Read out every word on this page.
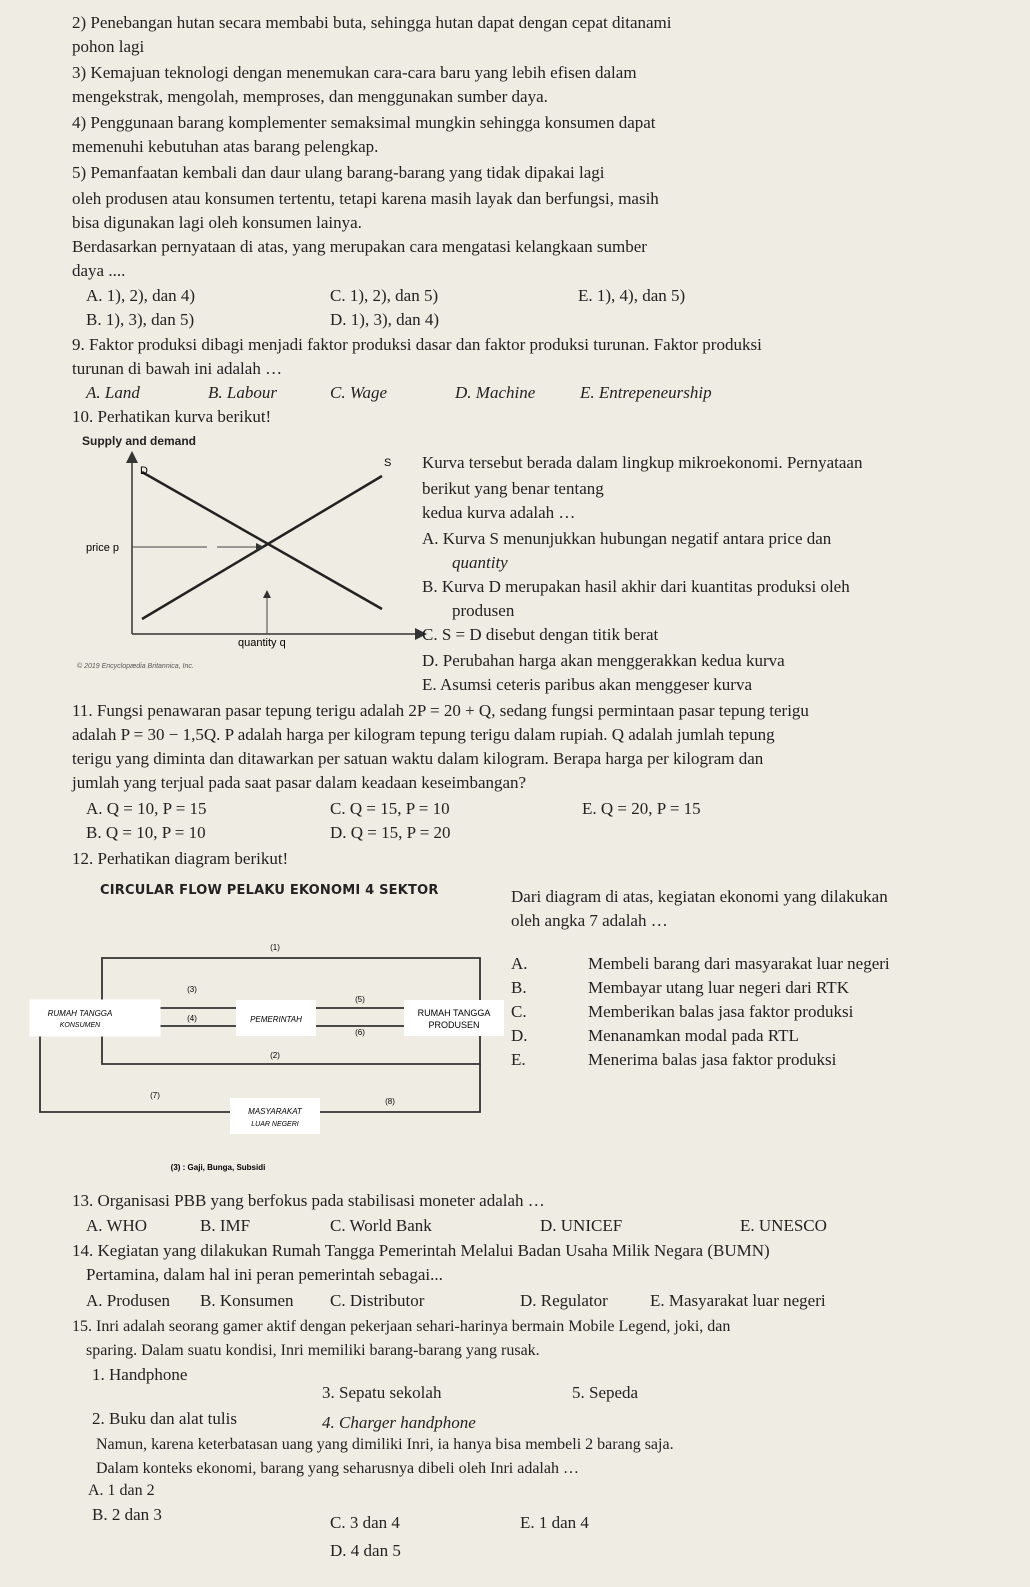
2) Penebangan hutan secara membabi buta, sehingga hutan dapat dengan cepat ditanami
pohon lagi
3) Kemajuan teknologi dengan menemukan cara-cara baru yang lebih efisen dalam
mengekstrak, mengolah, memproses, dan menggunakan sumber daya.
4) Penggunaan barang komplementer semaksimal mungkin sehingga konsumen dapat
memenuhi kebutuhan atas barang pelengkap.
5) Pemanfaatan kembali dan daur ulang barang-barang yang tidak dipakai lagi
oleh produsen atau konsumen tertentu, tetapi karena masih layak dan berfungsi, masih
bisa digunakan lagi oleh konsumen lainya.
Berdasarkan pernyataan di atas, yang merupakan cara mengatasi kelangkaan sumber
daya ....
A. 1), 2), dan 4)	C. 1), 2), dan 5)	E. 1), 4), dan 5)
B. 1), 3), dan 5)	D. 1), 3), dan 4)
9. Faktor produksi dibagi menjadi faktor produksi dasar dan faktor produksi turunan. Faktor produksi
turunan di bawah ini adalah …
A. Land	B. Labour	C. Wage	D. Machine	E. Entrepeneurship
10. Perhatikan kurva berikut!
Supply and demand
D
S
price p
quantity q
© 2019 Encyclopædia Britannica, Inc.
Kurva tersebut berada dalam lingkup mikroekonomi. Pernyataan
berikut yang benar tentang
kedua kurva adalah …
A. Kurva S menunjukkan hubungan negatif antara price dan
quantity
B. Kurva D merupakan hasil akhir dari kuantitas produksi oleh
produsen
C. S = D disebut dengan titik berat
D. Perubahan harga akan menggerakkan kedua kurva
E. Asumsi ceteris paribus akan menggeser kurva
11. Fungsi penawaran pasar tepung terigu adalah 2P = 20 + Q, sedang fungsi permintaan pasar tepung terigu
adalah P = 30 − 1,5Q. P adalah harga per kilogram tepung terigu dalam rupiah. Q adalah jumlah tepung
terigu yang diminta dan ditawarkan per satuan waktu dalam kilogram. Berapa harga per kilogram dan
jumlah yang terjual pada saat pasar dalam keadaan keseimbangan?
A. Q = 10, P = 15	C. Q = 15, P = 10	E. Q = 20, P = 15
B. Q = 10, P = 10	D. Q = 15, P = 20
12. Perhatikan diagram berikut!
CIRCULAR FLOW PELAKU EKONOMI 4 SEKTOR
RUMAH TANGGA
KONSUMEN
PEMERINTAH
RUMAH TANGGA
PRODUSEN
MASYARAKAT
LUAR NEGERI
(1)
(2)
(3)
(4)
(5)
(6)
(7)
(8)
(3) : Gaji, Bunga, Subsidi
Dari diagram di atas, kegiatan ekonomi yang dilakukan
oleh angka 7 adalah …
A.	Membeli barang dari masyarakat luar negeri
B.	Membayar utang luar negeri dari RTK
C.	Memberikan balas jasa faktor produksi
D.	Menanamkan modal pada RTL
E.	Menerima balas jasa faktor produksi
13. Organisasi PBB yang berfokus pada stabilisasi moneter adalah …
A. WHO	B. IMF	C. World Bank	D. UNICEF	E. UNESCO
14. Kegiatan yang dilakukan Rumah Tangga Pemerintah Melalui Badan Usaha Milik Negara (BUMN)
Pertamina, dalam hal ini peran pemerintah sebagai...
A. Produsen B. Konsumen C. Distributor	D. Regulator E. Masyarakat luar negeri
15. Inri adalah seorang gamer aktif dengan pekerjaan sehari-harinya bermain Mobile Legend, joki, dan
sparing. Dalam suatu kondisi, Inri memiliki barang-barang yang rusak.
1. Handphone
3. Sepatu sekolah	5. Sepeda
2. Buku dan alat tulis	4. Charger handphone
Namun, karena keterbatasan uang yang dimiliki Inri, ia hanya bisa membeli 2 barang saja.
Dalam konteks ekonomi, barang yang seharusnya dibeli oleh Inri adalah …
A. 1 dan 2
B. 2 dan 3	C. 3 dan 4	E. 1 dan 4
D. 4 dan 5
